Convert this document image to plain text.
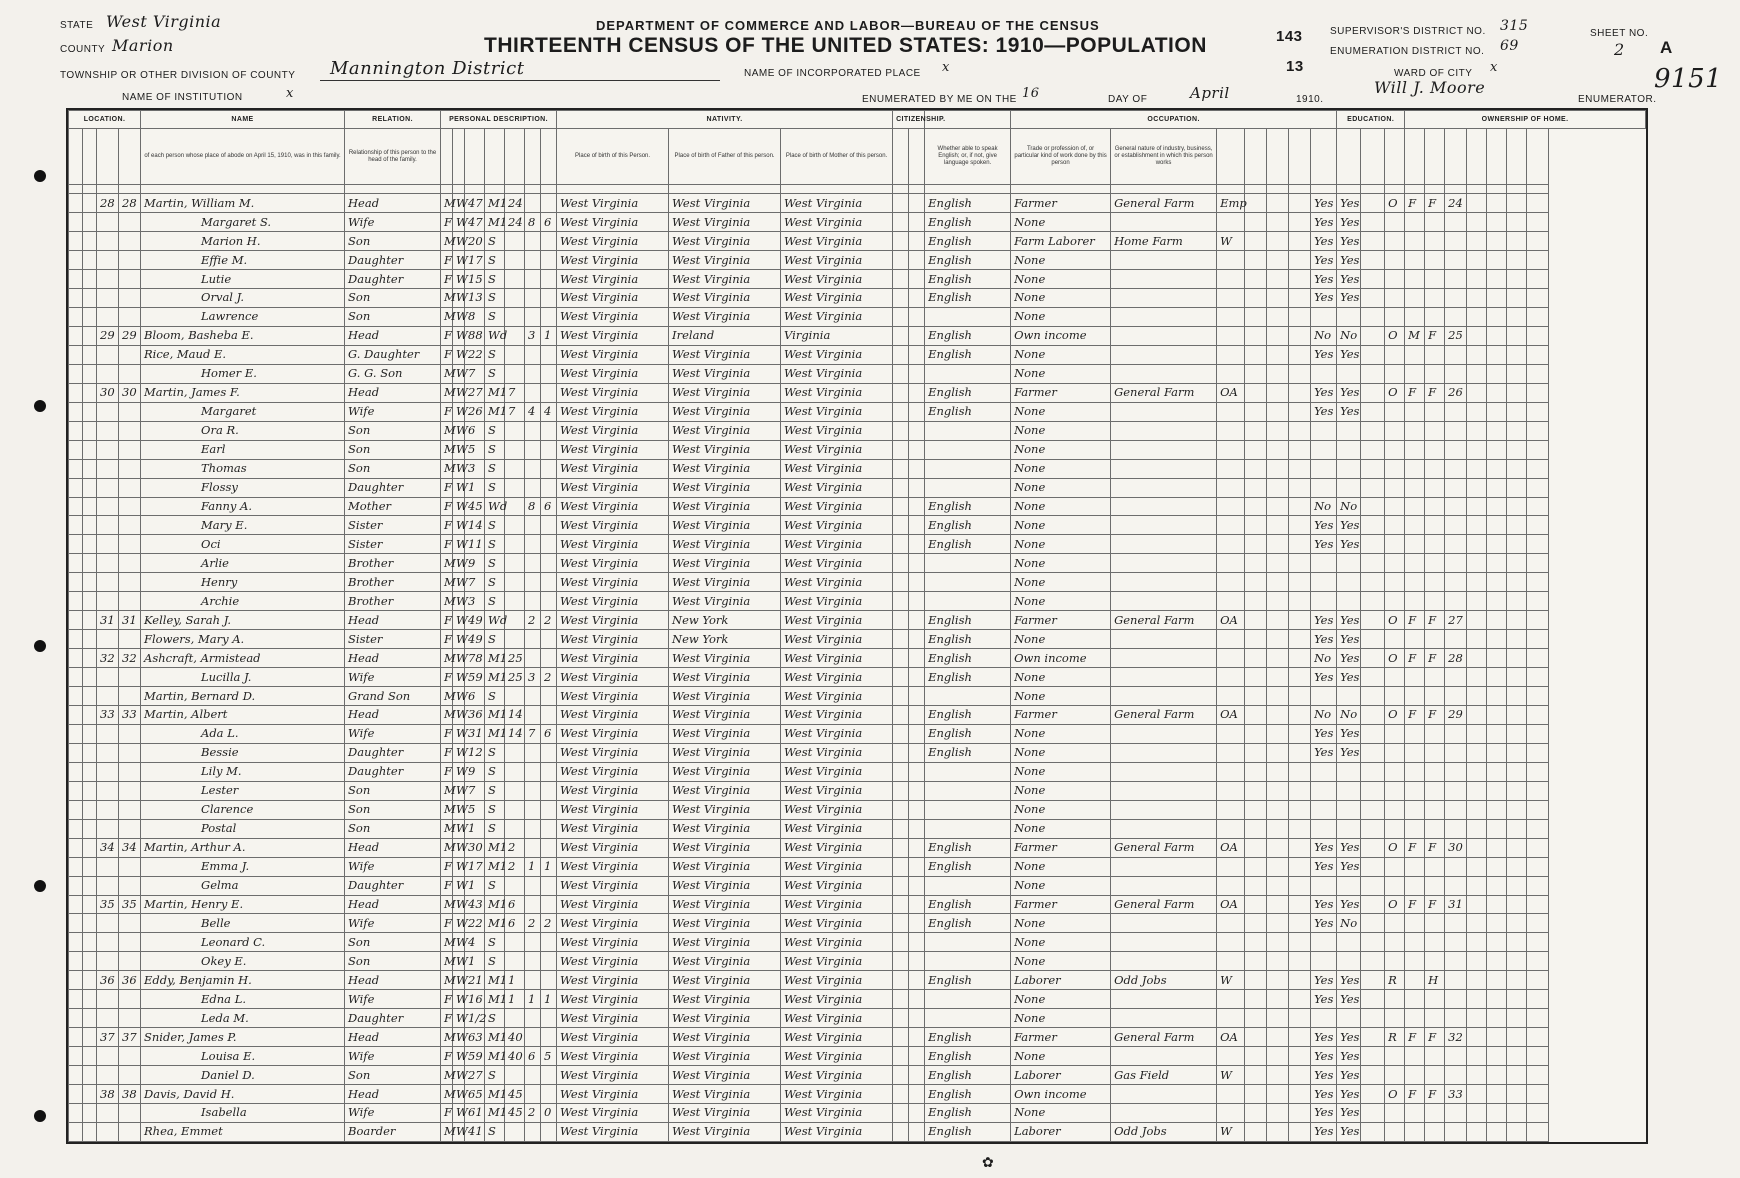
STATE West Virginia
COUNTY Marion
TOWNSHIP OR OTHER DIVISION OF COUNTY Mannington District
NAME OF INSTITUTION	x
DEPARTMENT OF COMMERCE AND LABOR—BUREAU OF THE CENSUS
THIRTEENTH CENSUS OF THE UNITED STATES: 1910—POPULATION
NAME OF INCORPORATED PLACE x
ENUMERATED BY ME ON THE 16	DAY OF	April	1910.
Will J. Moore
ENUMERATOR.
143
13
SUPERVISOR'S DISTRICT NO. 315
ENUMERATION DISTRICT NO. 69
SHEET NO.
2 A
WARD OF CITY x	9151
LOCATION.				NAME	RELATION.	PERSONAL DESCRIPTION.							NATIVITY.			CITIZENSHIP.			OCCUPATION.							EDUCATION.			OWNERSHIP OF HOME.						
				of each person whose place of abode on April 15, 1910, was in this family.	Relationship of this person to the head of the family.								Place of birth of this Person.	Place of birth of Father of this person.	Place of birth of Mother of this person.			Whether able to speak English; or, if not, give language spoken.	Trade or profession of, or particular kind of work done by this person	General nature of industry, business, or establishment in which this person works															

		28	28	Martin, William M.	Head	M	W	47	M1	24			West Virginia	West Virginia	West Virginia			English	Farmer	General Farm	Emp				Yes	Yes		O	F	F	24				
				Margaret S.	Wife	F	W	47	M1	24	8	6	West Virginia	West Virginia	West Virginia			English	None						Yes	Yes									
				Marion H.	Son	M	W	20	S				West Virginia	West Virginia	West Virginia			English	Farm Laborer	Home Farm	W				Yes	Yes									
				Effie M.	Daughter	F	W	17	S				West Virginia	West Virginia	West Virginia			English	None						Yes	Yes									
				Lutie	Daughter	F	W	15	S				West Virginia	West Virginia	West Virginia			English	None						Yes	Yes									
				Orval J.	Son	M	W	13	S				West Virginia	West Virginia	West Virginia			English	None						Yes	Yes									
				Lawrence	Son	M	W	8	S				West Virginia	West Virginia	West Virginia				None																
		29	29	Bloom, Basheba E.	Head	F	W	88	Wd		3	1	West Virginia	Ireland	Virginia			English	Own income						No	No		O	M	F	25				
				Rice, Maud E.	G. Daughter	F	W	22	S				West Virginia	West Virginia	West Virginia			English	None						Yes	Yes									
				Homer E.	G. G. Son	M	W	7	S				West Virginia	West Virginia	West Virginia				None																
		30	30	Martin, James F.	Head	M	W	27	M1	7			West Virginia	West Virginia	West Virginia			English	Farmer	General Farm	OA				Yes	Yes		O	F	F	26				
				Margaret	Wife	F	W	26	M1	7	4	4	West Virginia	West Virginia	West Virginia			English	None						Yes	Yes									
				Ora R.	Son	M	W	6	S				West Virginia	West Virginia	West Virginia				None																
				Earl	Son	M	W	5	S				West Virginia	West Virginia	West Virginia				None																
				Thomas	Son	M	W	3	S				West Virginia	West Virginia	West Virginia				None																
				Flossy	Daughter	F	W	1	S				West Virginia	West Virginia	West Virginia				None																
				Fanny A.	Mother	F	W	45	Wd		8	6	West Virginia	West Virginia	West Virginia			English	None						No	No									
				Mary E.	Sister	F	W	14	S				West Virginia	West Virginia	West Virginia			English	None						Yes	Yes									
				Oci	Sister	F	W	11	S				West Virginia	West Virginia	West Virginia			English	None						Yes	Yes									
				Arlie	Brother	M	W	9	S				West Virginia	West Virginia	West Virginia				None																
				Henry	Brother	M	W	7	S				West Virginia	West Virginia	West Virginia				None																
				Archie	Brother	M	W	3	S				West Virginia	West Virginia	West Virginia				None																
		31	31	Kelley, Sarah J.	Head	F	W	49	Wd		2	2	West Virginia	New York	West Virginia			English	Farmer	General Farm	OA				Yes	Yes		O	F	F	27				
				Flowers, Mary A.	Sister	F	W	49	S				West Virginia	New York	West Virginia			English	None						Yes	Yes									
		32	32	Ashcraft, Armistead	Head	M	W	78	M1	25			West Virginia	West Virginia	West Virginia			English	Own income						No	Yes		O	F	F	28				
				Lucilla J.	Wife	F	W	59	M1	25	3	2	West Virginia	West Virginia	West Virginia			English	None						Yes	Yes									
				Martin, Bernard D.	Grand Son	M	W	6	S				West Virginia	West Virginia	West Virginia				None																
		33	33	Martin, Albert	Head	M	W	36	M1	14			West Virginia	West Virginia	West Virginia			English	Farmer	General Farm	OA				No	No		O	F	F	29				
				Ada L.	Wife	F	W	31	M1	14	7	6	West Virginia	West Virginia	West Virginia			English	None						Yes	Yes									
				Bessie	Daughter	F	W	12	S				West Virginia	West Virginia	West Virginia			English	None						Yes	Yes									
				Lily M.	Daughter	F	W	9	S				West Virginia	West Virginia	West Virginia				None																
				Lester	Son	M	W	7	S				West Virginia	West Virginia	West Virginia				None																
				Clarence	Son	M	W	5	S				West Virginia	West Virginia	West Virginia				None																
				Postal	Son	M	W	1	S				West Virginia	West Virginia	West Virginia				None																
		34	34	Martin, Arthur A.	Head	M	W	30	M1	2			West Virginia	West Virginia	West Virginia			English	Farmer	General Farm	OA				Yes	Yes		O	F	F	30				
				Emma J.	Wife	F	W	17	M1	2	1	1	West Virginia	West Virginia	West Virginia			English	None						Yes	Yes									
				Gelma	Daughter	F	W	1	S				West Virginia	West Virginia	West Virginia				None																
		35	35	Martin, Henry E.	Head	M	W	43	M1	6			West Virginia	West Virginia	West Virginia			English	Farmer	General Farm	OA				Yes	Yes		O	F	F	31				
				Belle	Wife	F	W	22	M1	6	2	2	West Virginia	West Virginia	West Virginia			English	None						Yes	No									
				Leonard C.	Son	M	W	4	S				West Virginia	West Virginia	West Virginia				None																
				Okey E.	Son	M	W	1	S				West Virginia	West Virginia	West Virginia				None																
		36	36	Eddy, Benjamin H.	Head	M	W	21	M1	1			West Virginia	West Virginia	West Virginia			English	Laborer	Odd Jobs	W				Yes	Yes		R		H					
				Edna L.	Wife	F	W	16	M1	1	1	1	West Virginia	West Virginia	West Virginia				None						Yes	Yes									
				Leda M.	Daughter	F	W	1/2	S				West Virginia	West Virginia	West Virginia				None																
		37	37	Snider, James P.	Head	M	W	63	M1	40			West Virginia	West Virginia	West Virginia			English	Farmer	General Farm	OA				Yes	Yes		R	F	F	32				
				Louisa E.	Wife	F	W	59	M1	40	6	5	West Virginia	West Virginia	West Virginia			English	None						Yes	Yes									
				Daniel D.	Son	M	W	27	S				West Virginia	West Virginia	West Virginia			English	Laborer	Gas Field	W				Yes	Yes									
		38	38	Davis, David H.	Head	M	W	65	M1	45			West Virginia	West Virginia	West Virginia			English	Own income						Yes	Yes		O	F	F	33				
				Isabella	Wife	F	W	61	M1	45	2	0	West Virginia	West Virginia	West Virginia			English	None						Yes	Yes									
				Rhea, Emmet	Boarder	M	W	41	S				West Virginia	West Virginia	West Virginia			English	Laborer	Odd Jobs	W				Yes	Yes									
✿
